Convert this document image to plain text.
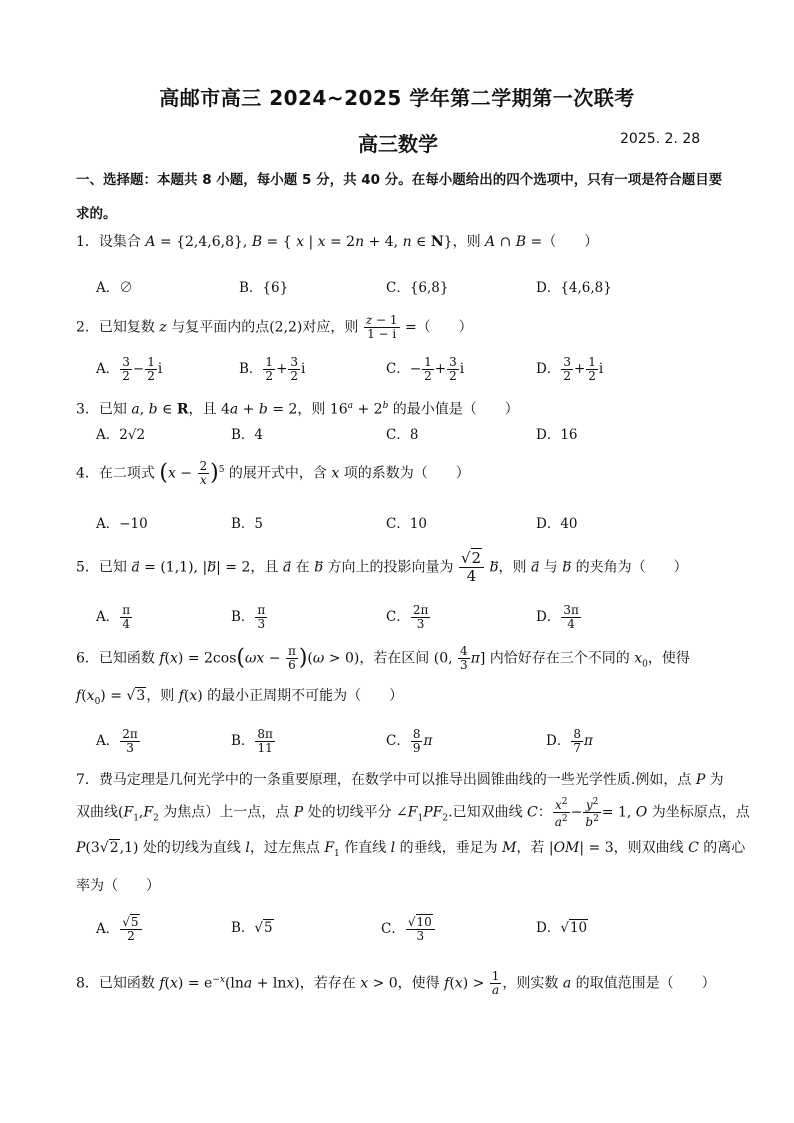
高邮市高三 2024~2025 学年第二学期第一次联考
高三数学	2025. 2. 28
一、选择题：本题共 8 小题，每小题 5 分，共 40 分。在每小题给出的四个选项中，只有一项是符合题目要求的。
1．设集合 A = {2,4,6,8}, B = { x | x = 2n + 4, n ∈ N}，则 A ∩ B =（　　）
A．∅	B．{6}	C．{6,8}	D．{4,6,8}
2．已知复数 z 与复平面内的点(2,2)对应，则 $\frac{z - 1}{1 - i}$ =（　　）
A． $\frac{3}{2} - \frac{1}{2}$ i	B． $\frac{1}{2} + \frac{3}{2}$ i	C．− $\frac{1}{2} + \frac{3}{2}$ i	D． $\frac{3}{2} + \frac{1}{2}$ i
3．已知 a, b ∈ R，且 4a + b = 2，则 $16^a + 2^b$ 的最小值是（　　）
A．2√2	B．4	C．8	D．16
4．在二项式 $(x - \frac{2}{x} )^5$ 的展开式中，含 x 项的系数为（　　）
A．−10	B．5	C．10	D．40
5．已知 a⃗ = (1,1), |b⃗| = 2，且 a⃗ 在 b⃗ 方向上的投影向量为 $\frac{√2}{4}$ b⃗，则 a⃗ 与 b⃗ 的夹角为（　　）
A． $\frac{\pi}{4}$	B． $\frac{\pi}{3}$	C． $\frac{2\pi}{3}$	D． $\frac{3\pi}{4}$
6．已知函数 $f(x) = 2\cos(\omega x - \frac{\pi}{6} )(\omega > 0)$，若在区间 (0, $\frac{4}{3} \pi$] 内恰好存在三个不同的 $x_0$，使得
$f(x_0) = √3$，则 f(x) 的最小正周期不可能为（　　）
A． $\frac{2\pi}{3}$	B． $\frac{8\pi}{11}$	C． $\frac{8}{9}$ π	D． $\frac{8}{7}$ π
7．费马定理是几何光学中的一条重要原理，在数学中可以推导出圆锥曲线的一些光学性质.例如，点 P 为
双曲线($F_1,F_2$ 为焦点）上一点，点 P 处的切线平分 $\angle F_1PF_2$.已知双曲线 C： $\frac{x^2}{a^2} - \frac{y^2}{b^2} = 1$, O 为坐标原点，点
P(3√2,1) 处的切线为直线 l，过左焦点 $F_1$ 作直线 l 的垂线，垂足为 M，若 |OM| = 3，则双曲线 C 的离心
率为（　　）
A． $\frac{√5}{2}$	B．√5	C． $\frac{√10}{3}$	D．√10
8．已知函数 $f(x) = e^{-x}(\ln a + \ln x)$，若存在 x > 0，使得 $f(x) > \frac{1}{a}$ ，则实数 a 的取值范围是（　　）
